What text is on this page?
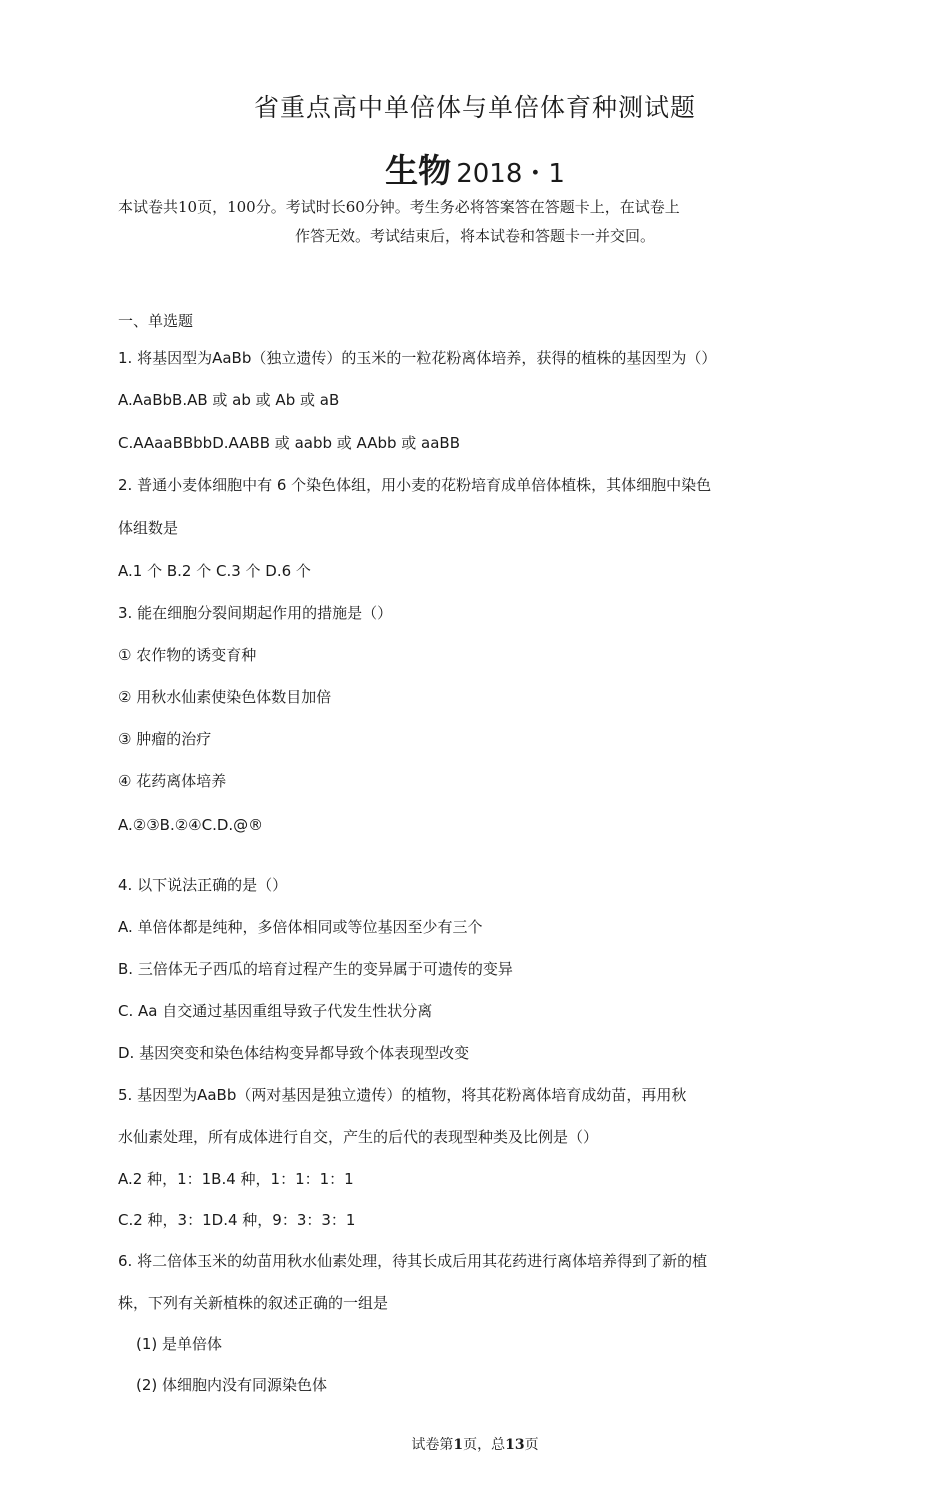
省重点高中单倍体与单倍体育种测试题
生物 2018・1
本试卷共10页，100分。考试时长60分钟。考生务必将答案答在答题卡上，在试卷上
作答无效。考试结束后，将本试卷和答题卡一并交回。
一、单选题
1. 将基因型为AaBb（独立遗传）的玉米的一粒花粉离体培养，获得的植株的基因型为（）
A.AaBbB.AB 或 ab 或 Ab 或 aB
C.AAaaBBbbD.AABB 或 aabb 或 AAbb 或 aaBB
2. 普通小麦体细胞中有 6 个染色体组，用小麦的花粉培育成单倍体植株，其体细胞中染色
体组数是
A.1 个 B.2 个 C.3 个 D.6 个
3. 能在细胞分裂间期起作用的措施是（）
① 农作物的诱变育种
② 用秋水仙素使染色体数目加倍
③ 肿瘤的治疗
④ 花药离体培养
A.②③B.②④C.D.@®
4. 以下说法正确的是（）
A. 单倍体都是纯种，多倍体相同或等位基因至少有三个
B. 三倍体无子西瓜的培育过程产生的变异属于可遗传的变异
C. Aa 自交通过基因重组导致子代发生性状分离
D. 基因突变和染色体结构变异都导致个体表现型改变
5. 基因型为AaBb（两对基因是独立遗传）的植物，将其花粉离体培育成幼苗，再用秋
水仙素处理，所有成体进行自交，产生的后代的表现型种类及比例是（）
A.2 种，1：1B.4 种，1：1：1：1
C.2 种，3：1D.4 种，9：3：3：1
6. 将二倍体玉米的幼苗用秋水仙素处理，待其长成后用其花药进行离体培养得到了新的植
株，下列有关新植株的叙述正确的一组是
(1) 是单倍体
(2) 体细胞内没有同源染色体
试卷第1页，总13页
